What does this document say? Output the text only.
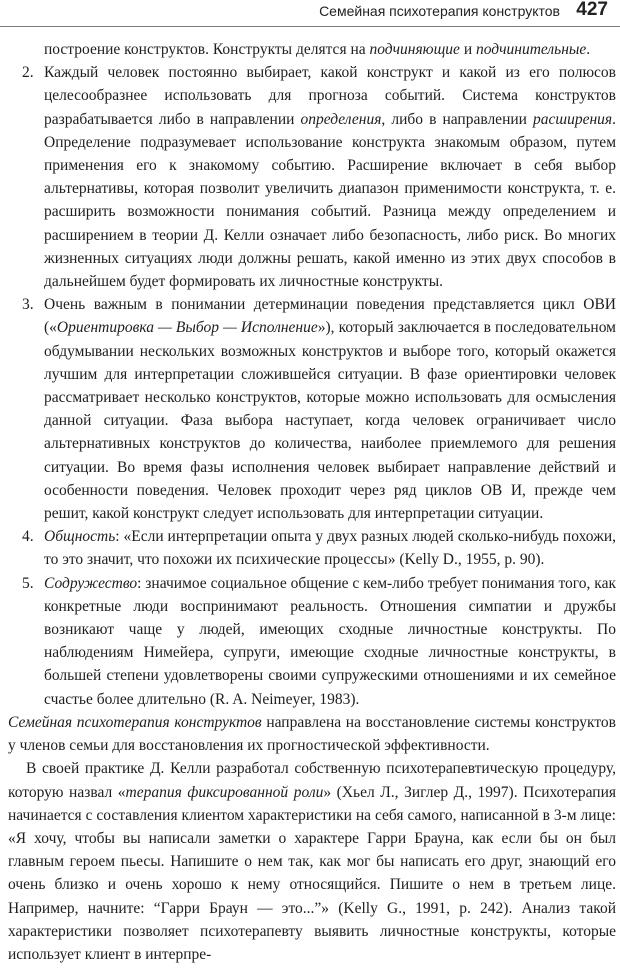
Семейная психотерапия конструктов 427

построение конструктов. Конструкты делятся на подчиняющие и подчинительные.

2. Каждый человек постоянно выбирает, какой конструкт и какой из его полюсов целесообразнее использовать для прогноза событий. Система конструктов разрабатывается либо в направлении определения, либо в направлении расширения. Определение подразумевает использование конструкта знакомым образом, путем применения его к знакомому событию. Расширение включает в себя выбор альтернативы, которая позволит увеличить диапазон применимости конструкта, т. е. расширить возможности понимания событий. Разница между определением и расширением в теории Д. Келли означает либо безопасность, либо риск. Во многих жизненных ситуациях люди должны решать, какой именно из этих двух способов в дальнейшем будет формировать их личностные конструкты.
3. Очень важным в понимании детерминации поведения представляется цикл ОВИ («Ориентировка — Выбор — Исполнение»), который заключается в последовательном обдумывании нескольких возможных конструктов и выборе того, который окажется лучшим для интерпретации сложившейся ситуации. В фазе ориентировки человек рассматривает несколько конструктов, которые можно использовать для осмысления данной ситуации. Фаза выбора наступает, когда человек ограничивает число альтернативных конструктов до количества, наиболее приемлемого для решения ситуации. Во время фазы исполнения человек выбирает направление действий и особенности поведения. Человек проходит через ряд циклов ОВ И, прежде чем решит, какой конструкт следует использовать для интерпретации ситуации.
4. Общность: «Если интерпретации опыта у двух разных людей сколько-нибудь похожи, то это значит, что похожи их психические процессы» (Kelly D., 1955, p. 90).
5. Содружество: значимое социальное общение с кем-либо требует понимания того, как конкретные люди воспринимают реальность. Отношения симпатии и дружбы возникают чаще у людей, имеющих сходные личностные конструкты. По наблюдениям Нимейера, супруги, имеющие сходные личностные конструкты, в большей степени удовлетворены своими супружескими отношениями и их семейное счастье более длительно (R. A. Neimeyer, 1983).

Семейная психотерапия конструктов направлена на восстановление системы конструктов у членов семьи для восстановления их прогностической эффективности.

В своей практике Д. Келли разработал собственную психотерапевтическую процедуру, которую назвал «терапия фиксированной роли» (Хьел Л., Зиглер Д., 1997). Психотерапия начинается с составления клиентом характеристики на себя самого, написанной в 3-м лице: «Я хочу, чтобы вы написали заметки о характере Гарри Брауна, как если бы он был главным героем пьесы. Напишите о нем так, как мог бы написать его друг, знающий его очень близко и очень хорошо к нему относящийся. Пишите о нем в третьем лице. Например, начните: “Гарри Браун — это...”» (Kelly G., 1991, p. 242). Анализ такой характеристики позволяет психотерапевту выявить личностные конструкты, которые использует клиент в интерпре-
